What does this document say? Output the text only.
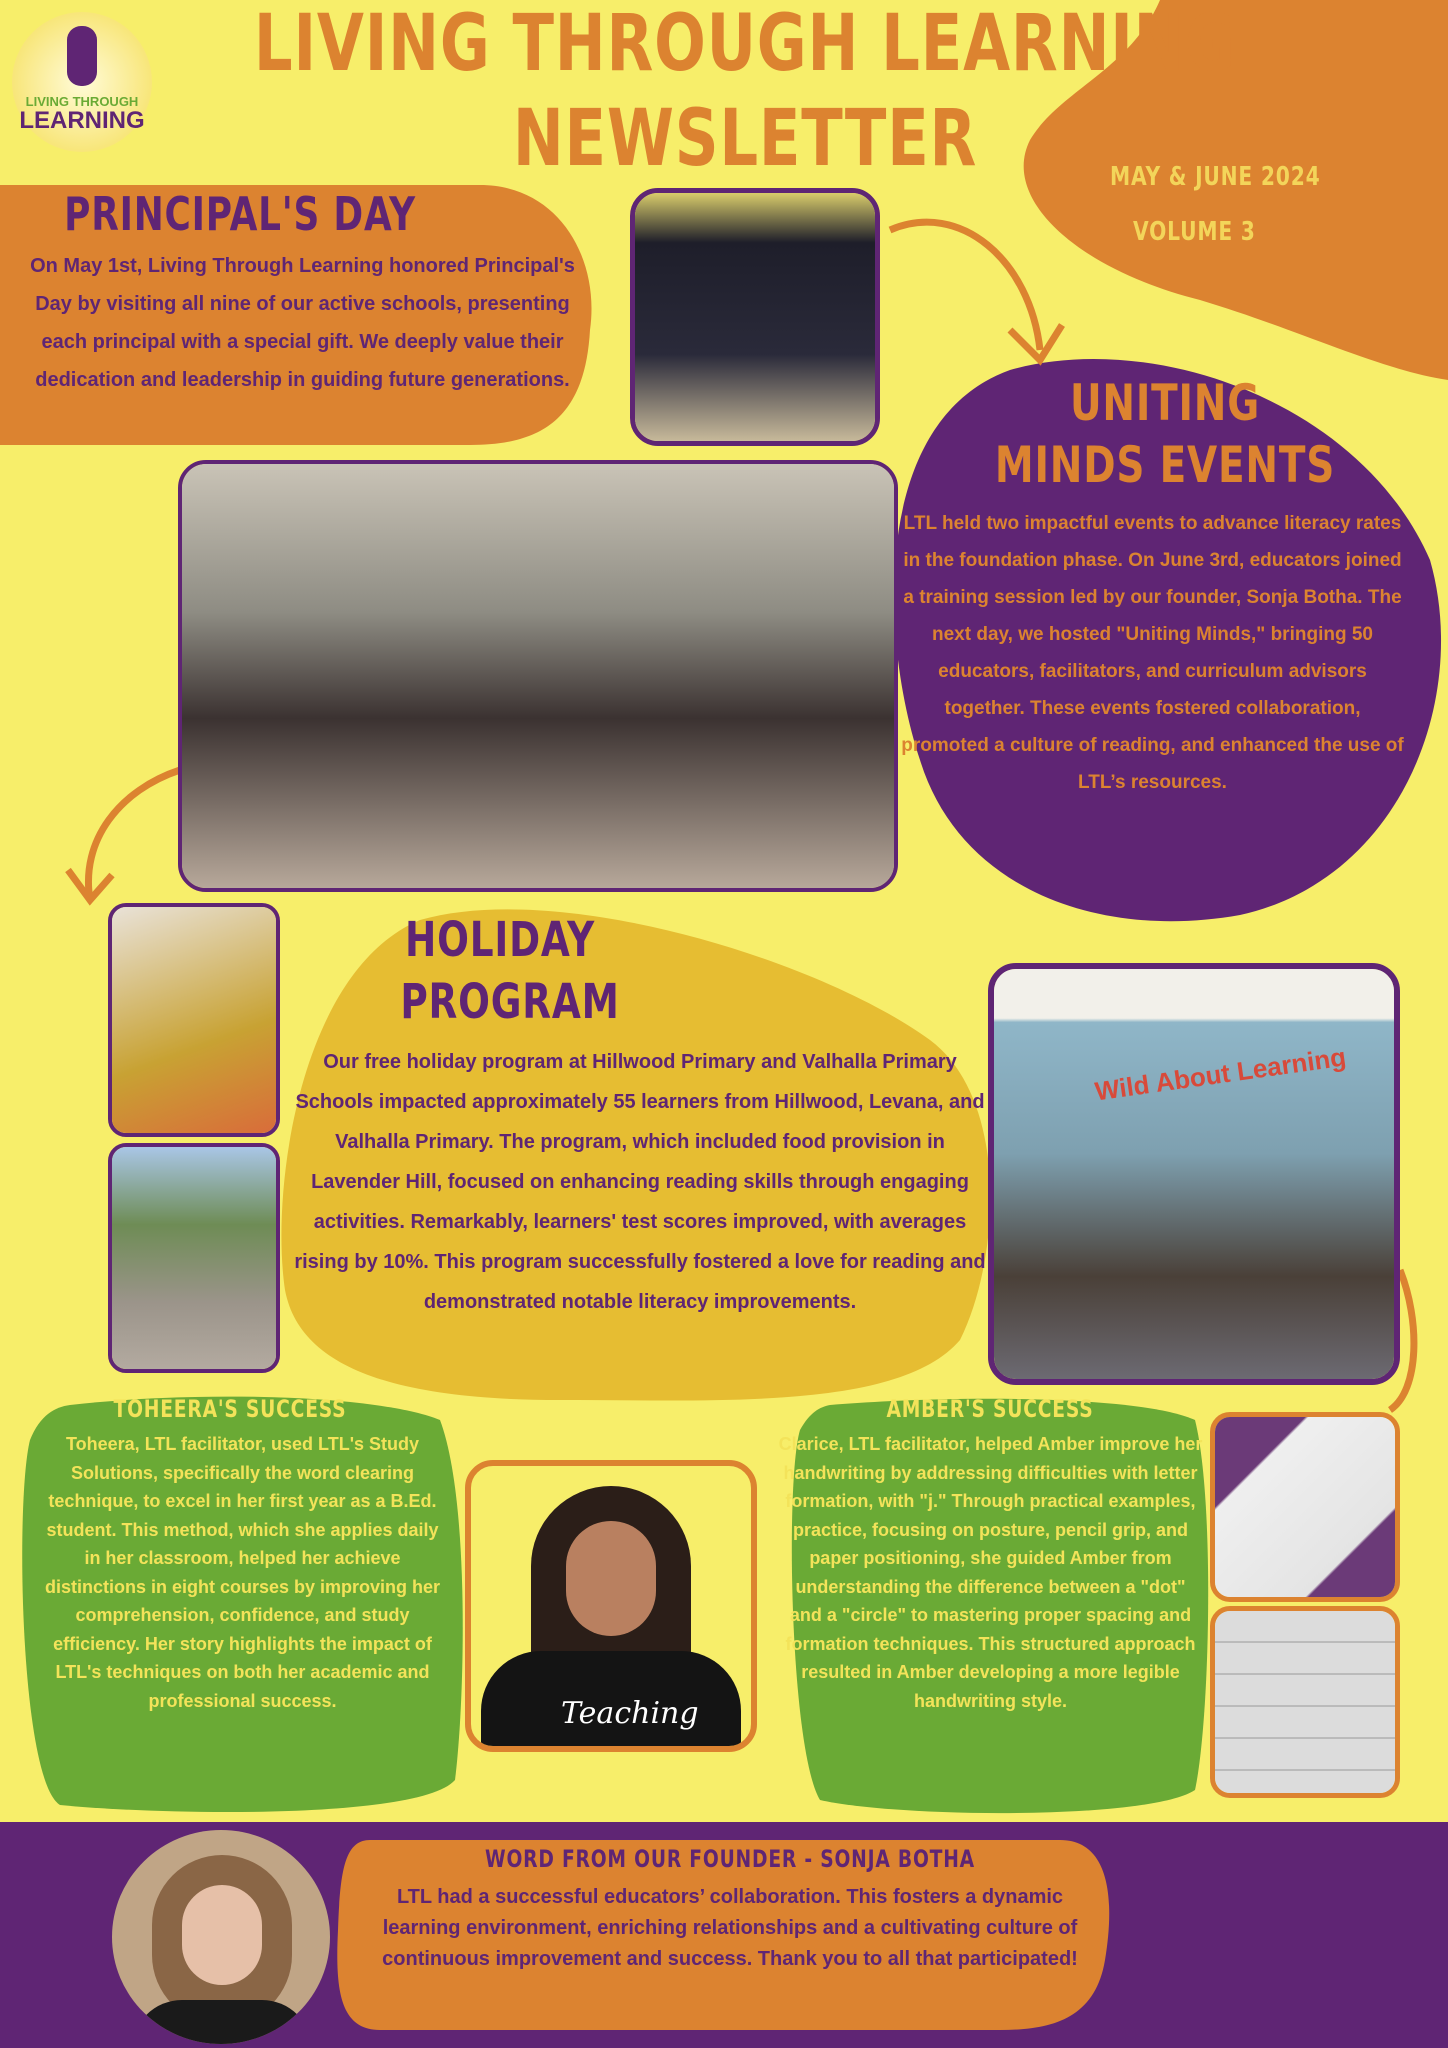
LIVING THROUGH
LEARNING
LIVING THROUGH LEARNING
NEWSLETTER	MAY & JUNE 2024
VOLUME 3
PRINCIPAL'S DAY
On May 1st, Living Through Learning honored Principal's Day by visiting all nine of our active schools, presenting each principal with a special gift. We deeply value their dedication and leadership in guiding future generations.	UNITING
MINDS EVENTS
LTL held two impactful events to advance literacy rates in the foundation phase. On June 3rd, educators joined a training session led by our founder, Sonja Botha. The next day, we hosted "Uniting Minds," bringing 50 educators, facilitators, and curriculum advisors together. These events fostered collaboration, promoted a culture of reading, and enhanced the use of LTL’s resources.
HOLIDAY
PROGRAM
Our free holiday program at Hillwood Primary and Valhalla Primary Schools impacted approximately 55 learners from Hillwood, Levana, and Valhalla Primary. The program, which included food provision in Lavender Hill, focused on enhancing reading skills through engaging activities. Remarkably, learners' test scores improved, with averages rising by 10%. This program successfully fostered a love for reading and demonstrated notable literacy improvements.
Wild About Learning
TOHEERA'S SUCCESS
Toheera, LTL facilitator, used LTL's Study Solutions, specifically the word clearing technique, to excel in her first year as a B.Ed. student. This method, which she applies daily in her classroom, helped her achieve distinctions in eight courses by improving her comprehension, confidence, and study efficiency. Her story highlights the impact of LTL's techniques on both her academic and professional success.	Teaching
AMBER'S SUCCESS
Clarice, LTL facilitator, helped Amber improve her handwriting by addressing difficulties with letter formation, with "j." Through practical examples, practice, focusing on posture, pencil grip, and paper positioning, she guided Amber from understanding the difference between a "dot" and a "circle" to mastering proper spacing and formation techniques. This structured approach resulted in Amber developing a more legible handwriting style.
WORD FROM OUR FOUNDER - SONJA BOTHA
LTL had a successful educators’ collaboration. This fosters a dynamic learning environment, enriching relationships and a cultivating culture of continuous improvement and success. Thank you to all that participated!
